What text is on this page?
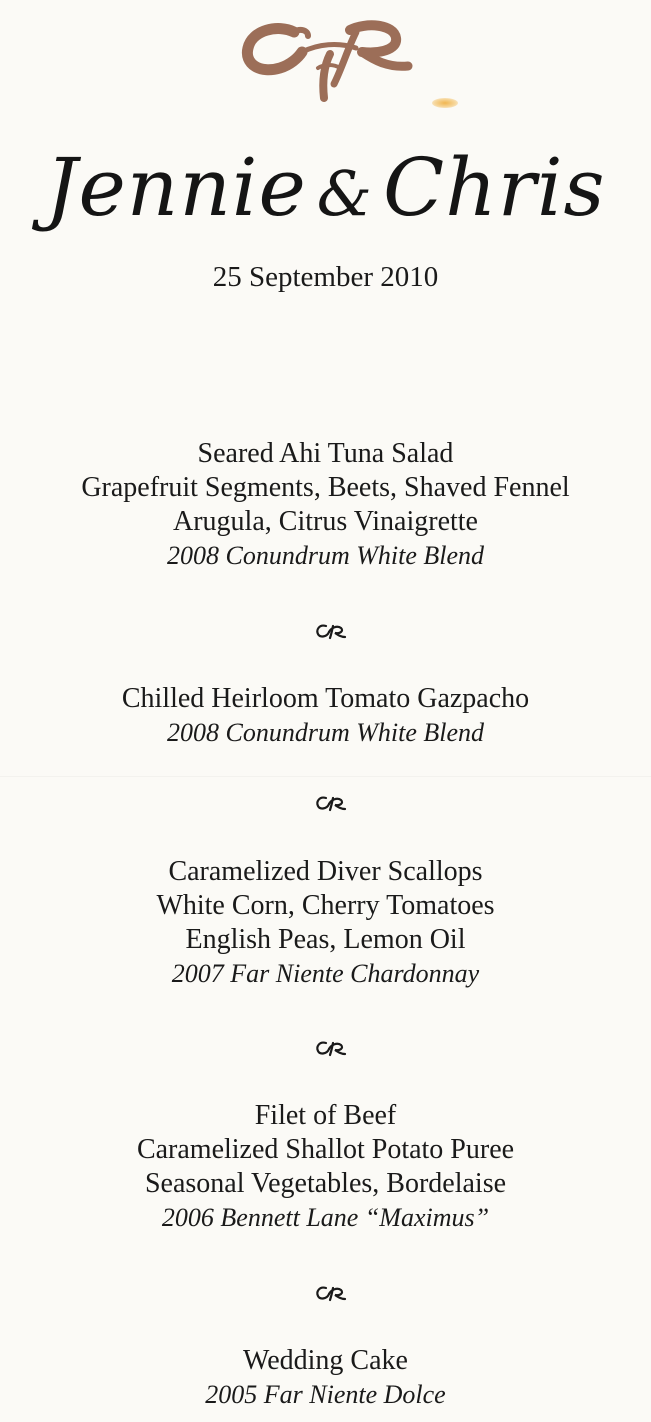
Jennie & Chris
25 September 2010
Seared Ahi Tuna Salad
Grapefruit Segments, Beets, Shaved Fennel
Arugula, Citrus Vinaigrette
2008 Conundrum White Blend
Chilled Heirloom Tomato Gazpacho
2008 Conundrum White Blend
Caramelized Diver Scallops
White Corn, Cherry Tomatoes
English Peas, Lemon Oil
2007 Far Niente Chardonnay
Filet of Beef
Caramelized Shallot Potato Puree
Seasonal Vegetables, Bordelaise
2006 Bennett Lane “Maximus”
Wedding Cake
2005 Far Niente Dolce
